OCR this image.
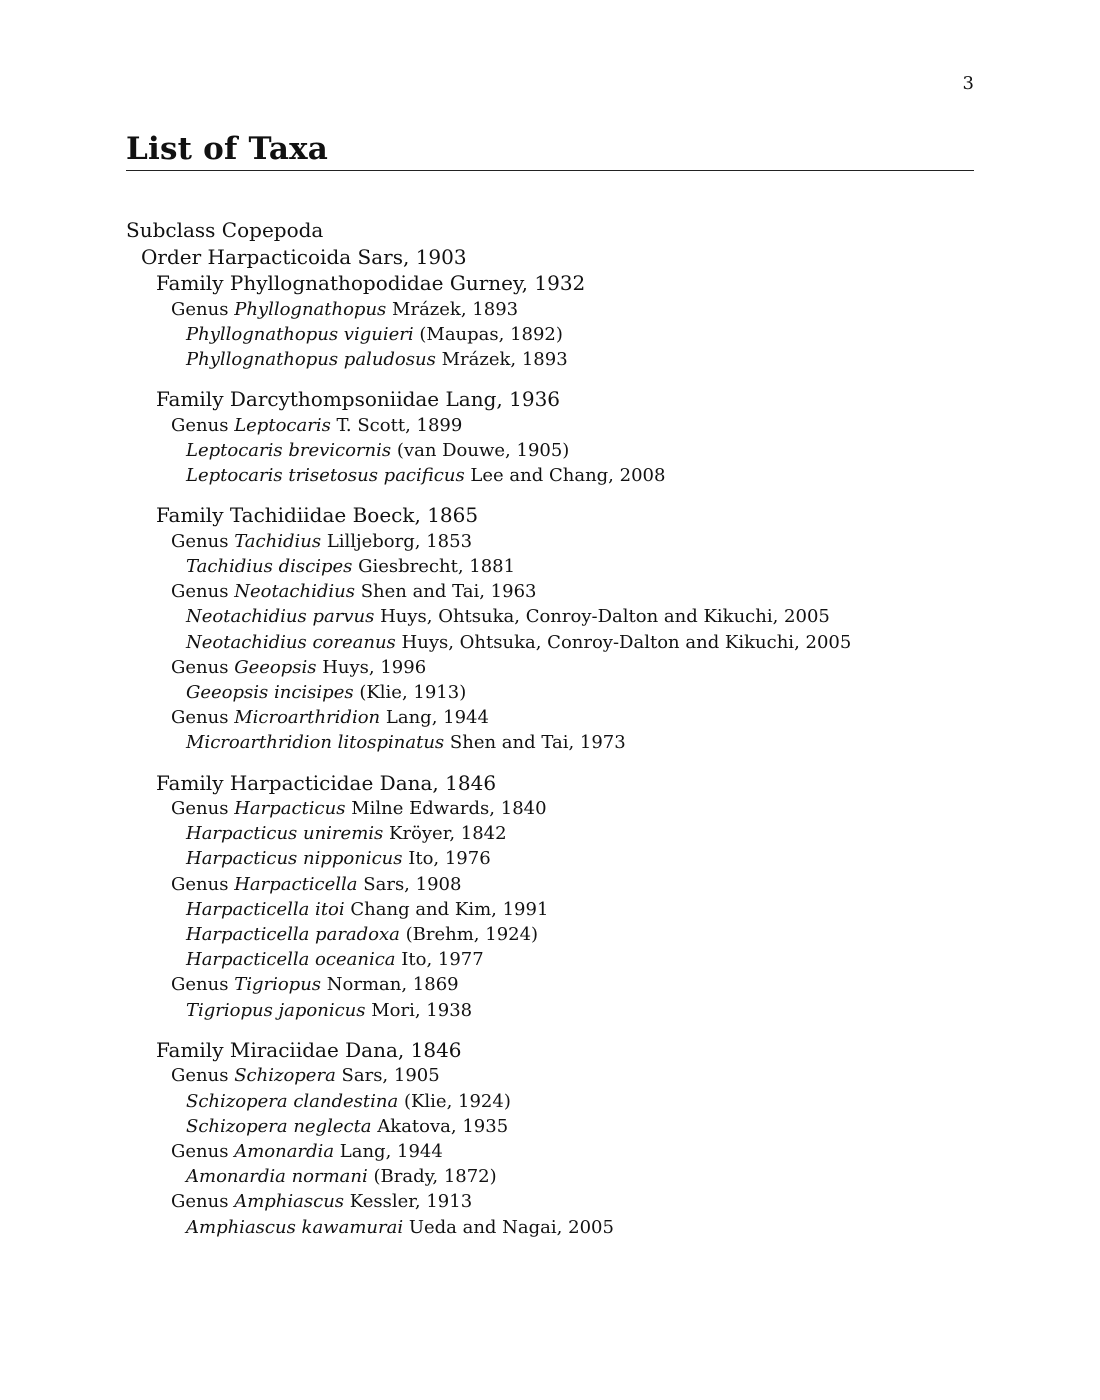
3
List of Taxa
Subclass Copepoda
Order Harpacticoida Sars, 1903
Family Phyllognathopodidae Gurney, 1932
Genus Phyllognathopus Mrázek, 1893
Phyllognathopus viguieri (Maupas, 1892)
Phyllognathopus paludosus Mrázek, 1893
Family Darcythompsoniidae Lang, 1936
Genus Leptocaris T. Scott, 1899
Leptocaris brevicornis (van Douwe, 1905)
Leptocaris trisetosus pacificus Lee and Chang, 2008
Family Tachidiidae Boeck, 1865
Genus Tachidius Lilljeborg, 1853
Tachidius discipes Giesbrecht, 1881
Genus Neotachidius Shen and Tai, 1963
Neotachidius parvus Huys, Ohtsuka, Conroy-Dalton and Kikuchi, 2005
Neotachidius coreanus Huys, Ohtsuka, Conroy-Dalton and Kikuchi, 2005
Genus Geeopsis Huys, 1996
Geeopsis incisipes (Klie, 1913)
Genus Microarthridion Lang, 1944
Microarthridion litospinatus Shen and Tai, 1973
Family Harpacticidae Dana, 1846
Genus Harpacticus Milne Edwards, 1840
Harpacticus uniremis Kröyer, 1842
Harpacticus nipponicus Ito, 1976
Genus Harpacticella Sars, 1908
Harpacticella itoi Chang and Kim, 1991
Harpacticella paradoxa (Brehm, 1924)
Harpacticella oceanica Ito, 1977
Genus Tigriopus Norman, 1869
Tigriopus japonicus Mori, 1938
Family Miraciidae Dana, 1846
Genus Schizopera Sars, 1905
Schizopera clandestina (Klie, 1924)
Schizopera neglecta Akatova, 1935
Genus Amonardia Lang, 1944
Amonardia normani (Brady, 1872)
Genus Amphiascus Kessler, 1913
Amphiascus kawamurai Ueda and Nagai, 2005
